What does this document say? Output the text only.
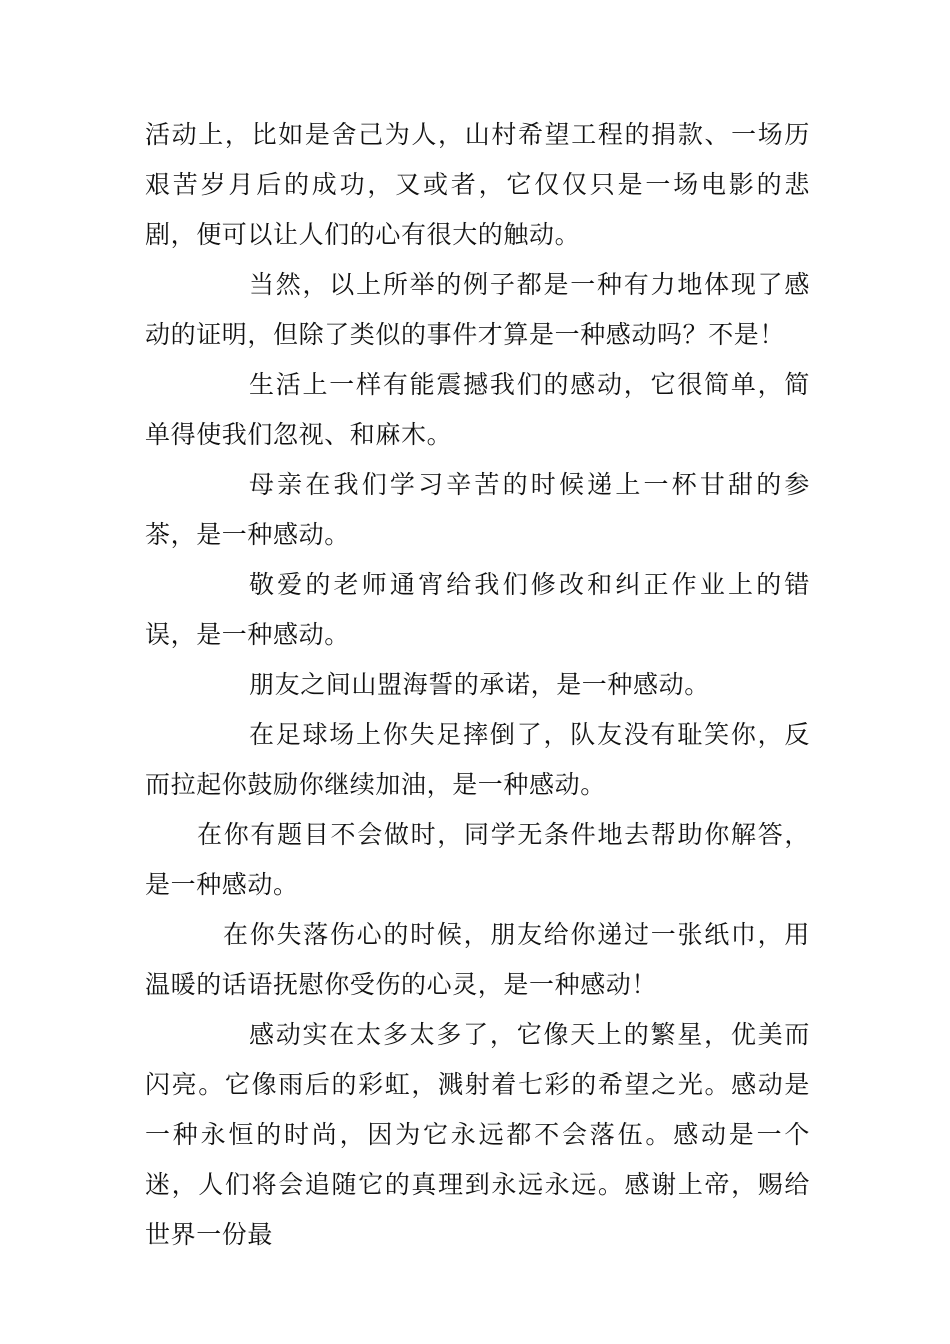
活动上，比如是舍己为人，山村希望工程的捐款、一场历艰苦岁月后的成功，又或者，它仅仅只是一场电影的悲剧，便可以让人们的心有很大的触动。

当然，以上所举的例子都是一种有力地体现了感动的证明，但除了类似的事件才算是一种感动吗？不是！

生活上一样有能震撼我们的感动，它很简单，简单得使我们忽视、和麻木。

母亲在我们学习辛苦的时候递上一杯甘甜的参茶，是一种感动。

敬爱的老师通宵给我们修改和纠正作业上的错误，是一种感动。

朋友之间山盟海誓的承诺，是一种感动。

在足球场上你失足摔倒了，队友没有耻笑你，反而拉起你鼓励你继续加油，是一种感动。

在你有题目不会做时，同学无条件地去帮助你解答，是一种感动。

在你失落伤心的时候，朋友给你递过一张纸巾，用温暖的话语抚慰你受伤的心灵，是一种感动！

感动实在太多太多了，它像天上的繁星，优美而闪亮。它像雨后的彩虹，溅射着七彩的希望之光。感动是一种永恒的时尚，因为它永远都不会落伍。感动是一个迷，人们将会追随它的真理到永远永远。感谢上帝，赐给世界一份最
